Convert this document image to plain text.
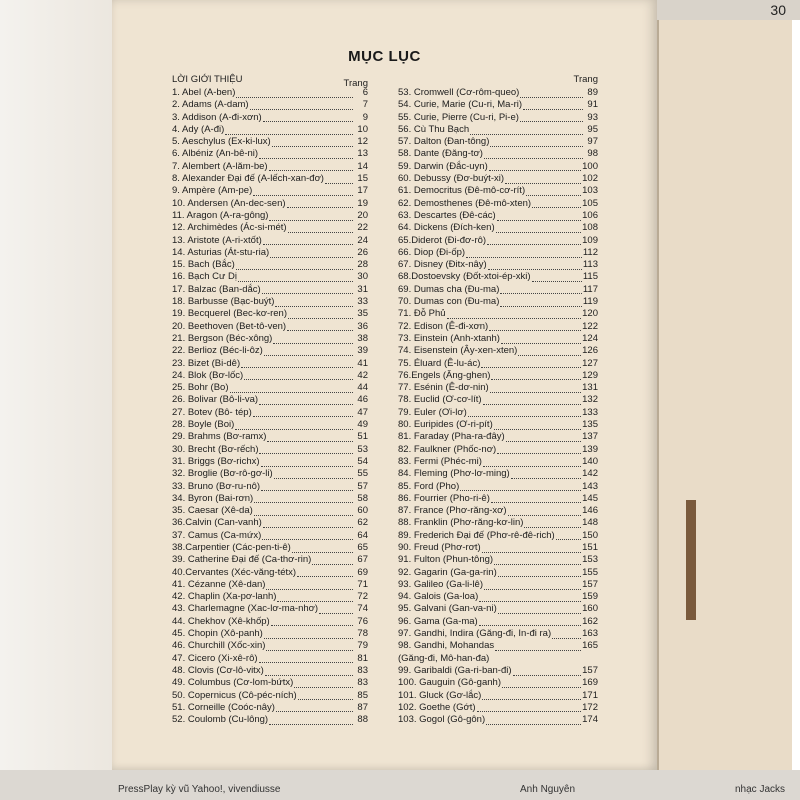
30
MỤC LỤC
LỜI GIỚI THIỆU	Trang
1. Abel (A-ben)	6
2. Adams (A-dam)	7
3. Addison (A-đi-xơn)	9
4. Ady (A-đi)	10
5. Aeschylus (Ex-ki-lux)	12
6. Albéniz (An-bê-ni)	13
7. Alembert (A-lăm-be)	14
8. Alexander Đại đế (A-lếch-xan-đơ)	15
9. Ampère (Am-pe)	17
10. Andersen (An-dec-sen)	19
11. Aragon (A-ra-gông)	20
12. Archimèdes (Ác-si-mét)	22
13. Aristote (A-ri-xtốt)	24
14. Asturias (Át-stu-ria)	26
15. Bach (Bắc)	28
16. Bạch Cư Dị	30
17. Balzac (Ban-dắc)	31
18. Barbusse (Bạc-buýt)	33
19. Becquerel (Bec-kơ-ren)	35
20. Beethoven (Bet-tô-ven)	36
21. Bergson (Béc-xông)	38
22. Berlioz (Béc-li-ôz)	39
23. Bizet (Bi-dê)	41
24. Blok (Bơ-lốc)	42
25. Bohr (Bo)	44
26. Bolivar (Bô-li-va)	46
27. Botev (Bô- tép)	47
28. Boyle (Boi)	49
29. Brahms (Bơ-ramx)	51
30. Brecht (Bơ-rếch)	53
31. Briggs (Bơ-richx)	54
32. Broglie (Bơ-rô-gơ-li)	55
33. Bruno (Bơ-ru-nô)	57
34. Byron (Bai-rơn)	58
35. Caesar (Xê-da)	60
36.Calvin (Can-vanh)	62
37. Camus (Ca-mứx)	64
38.Carpentier (Các-pen-ti-ê)	65
39. Catherine Đại đế (Ca-thơ-rin)	67
40.Cervantes (Xéc-văng-tétx)	69
41. Cézanne (Xê-dan)	71
42. Chaplin (Xa-pơ-lanh)	72
43. Charlemagne (Xac-lơ-ma-nhơ)	74
44. Chekhov (Xê-khốp)	76
45. Chopin (Xô-panh)	78
46. Churchill (Xốc-xin)	79
47. Cicero (Xi-xê-rô)	81
48. Clovis (Cơ-lô-vitx)	83
49. Columbus (Cơ-lom-bứtx)	83
50. Copernicus (Cô-péc-ních)	85
51. Corneille (Coóc-nây)	87
52. Coulomb (Cu-lông)	88
Trang
53. Cromwell (Cơ-rôm-queo)	89
54. Curie, Marie (Cu-ri, Ma-ri)	91
55. Curie, Pierre (Cu-ri, Pi-e)	93
56. Cù Thu Bạch	95
57. Dalton (Đan-tông)	97
58. Dante (Đăng-tơ)	98
59. Darwin (Đắc-uyn)	100
60. Debussy (Đơ-buýt-xi)	102
61. Democritus (Đê-mô-cơ-rít)	103
62. Demosthenes (Đê-mô-xten)	105
63. Descartes (Đê-các)	106
64. Dickens (Đích-ken)	108
65.Diderot (Đi-đơ-rô)	109
66. Diop (Đi-ốp)	112
67. Disney (Đitx-nây)	113
68.Dostoevsky (Đốt-xtoi-ép-xki)	115
69. Dumas cha (Đu-ma)	117
70. Dumas con (Đu-ma)	119
71. Đỗ Phủ	120
72. Edison (Ê-đi-xơn)	122
73. Einstein (Anh-xtanh)	124
74. Eisenstein (Ây-xen-xten)	126
75. Éluard (Ê-lu-ác)	127
76.Engels (Ăng-ghen)	129
77. Esénin (Ê-dơ-nin)	131
78. Euclid (Ơ-cơ-lít)	132
79. Euler (Ơi-lơ)	133
80. Euripides (Ơ-ri-pít)	135
81. Faraday (Pha-ra-đây)	137
82. Faulkner (Phốc-nơ)	139
83. Fermi (Phéc-mi)	140
84. Fleming (Phơ-lơ-ming)	142
85. Ford (Pho)	143
86. Fourrier (Pho-ri-ê)	145
87. France (Phơ-răng-xơ)	146
88. Franklin (Phơ-răng-kơ-lin)	148
89. Frederich Đại đế (Phơ-rê-đê-rich)	150
90. Freud (Phơ-rơt)	151
91. Fulton (Phun-tông)	153
92. Gagarin (Ga-ga-rin)	155
93. Galileo (Ga-li-lê)	157
94. Galois (Ga-loa)	159
95. Galvani (Gan-va-ni)	160
96. Gama (Ga-ma)	162
97. Gandhi, Indira (Găng-đi, In-đi ra)	163
98. Gandhi, Mohandas	165
(Găng-đi, Mô-han-đa)
99. Garibaldi (Ga-ri-ban-đi)	157
100. Gauguin (Gô-ganh)	169
101. Gluck (Gơ-lắc)	171
102. Goethe (Gớt)	172
103. Gogol (Gô-gôn)	174
PressPlay kỳ vũ Yahoo!, vivendiusse	Anh Nguyên	nhạc Jacks
